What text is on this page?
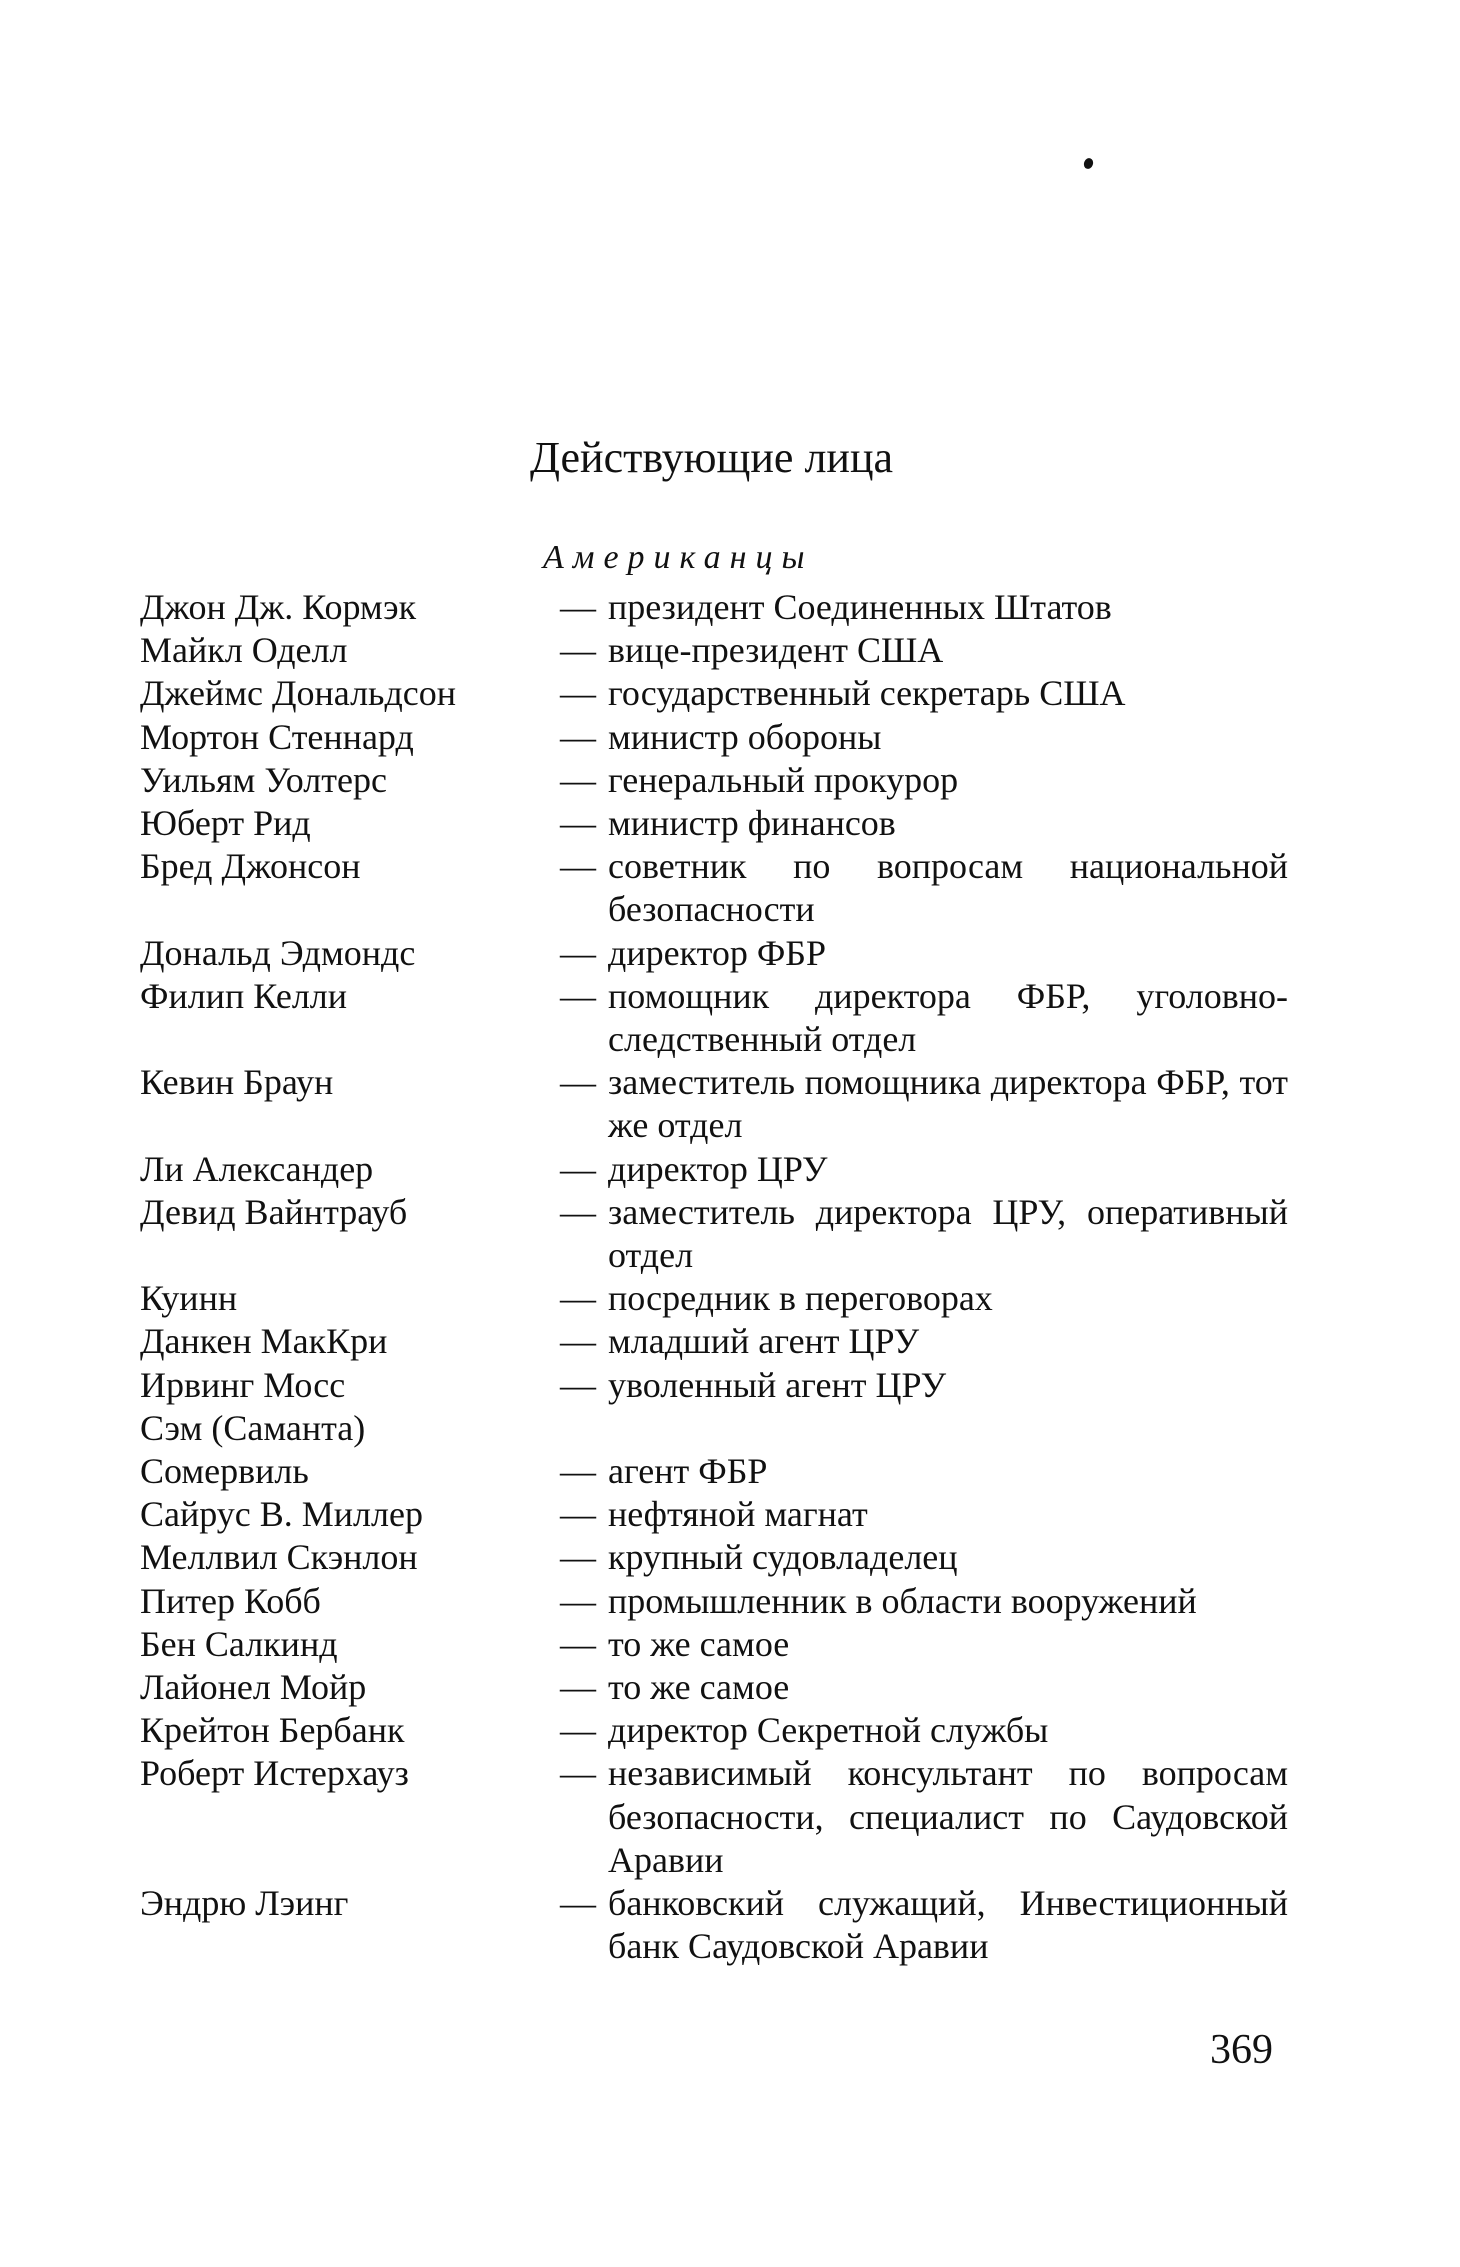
Действующие лица
Американцы
Джон Дж. Кормэк	— президент Соединенных Штатов
Майкл Оделл	— вице-президент США
Джеймс Дональдсон	— государственный секретарь США
Мортон Стеннард	— министр обороны
Уильям Уолтерс	— генеральный прокурор
Юберт Рид	— министр финансов
Бред Джонсон	— советник по вопросам национальной безопасности
Дональд Эдмондс	— директор ФБР
Филип Келли	— помощник директора ФБР, уголовно-следственный отдел
Кевин Браун	— заместитель помощника директора ФБР, тот же отдел
Ли Александер	— директор ЦРУ
Девид Вайнтрауб	— заместитель директора ЦРУ, оперативный отдел
Куинн	— посредник в переговорах
Данкен МакКри	— младший агент ЦРУ
Ирвинг Мосс	— уволенный агент ЦРУ
Сэм (Саманта)
Сомервиль	— агент ФБР
Сайрус В. Миллер	— нефтяной магнат
Меллвил Скэнлон	— крупный судовладелец
Питер Кобб	— промышленник в области вооружений
Бен Салкинд	— то же самое
Лайонел Мойр	— то же самое
Крейтон Бербанк	— директор Секретной службы
Роберт Истерхауз	— независимый консультант по вопросам безопасности, специалист по Саудовской Аравии
Эндрю Лэинг	— банковский служащий, Инвестиционный банк Саудовской Аравии
369
